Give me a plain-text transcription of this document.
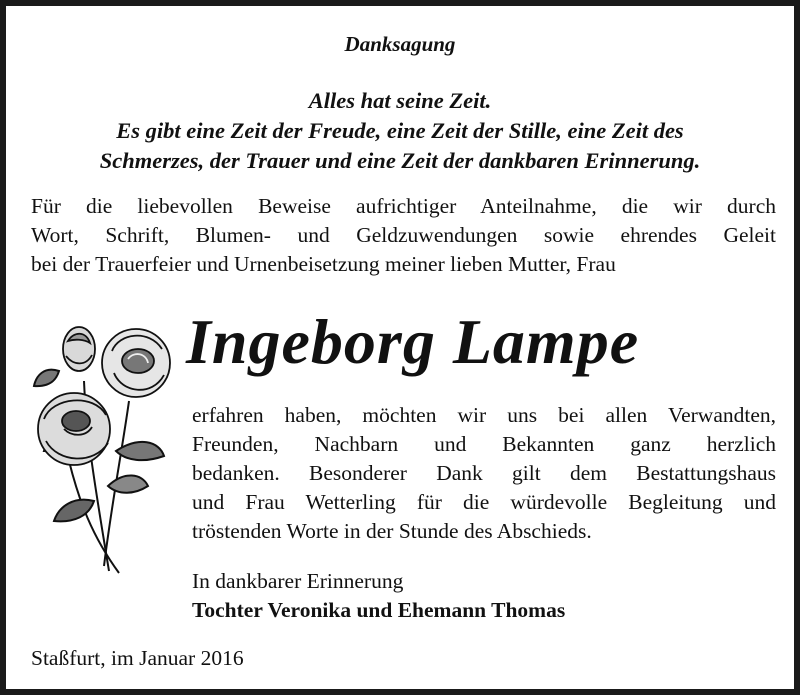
Danksagung
Alles hat seine Zeit.
Es gibt eine Zeit der Freude, eine Zeit der Stille, eine Zeit des
Schmerzes, der Trauer und eine Zeit der dankbaren Erinnerung.
Für die liebevollen Beweise aufrichtiger Anteilnahme, die wir durch
Wort, Schrift, Blumen- und Geldzuwendungen sowie ehrendes Geleit
bei der Trauerfeier und Urnenbeisetzung meiner lieben Mutter, Frau
Ingeborg Lampe
erfahren haben, möchten wir uns bei allen Verwandten,
Freunden, Nachbarn und Bekannten ganz herzlich
bedanken. Besonderer Dank gilt dem Bestattungshaus
und Frau Wetterling für die würdevolle Begleitung und
tröstenden Worte in der Stunde des Abschieds.
In dankbarer Erinnerung
Tochter Veronika und Ehemann Thomas
Staßfurt, im Januar 2016
